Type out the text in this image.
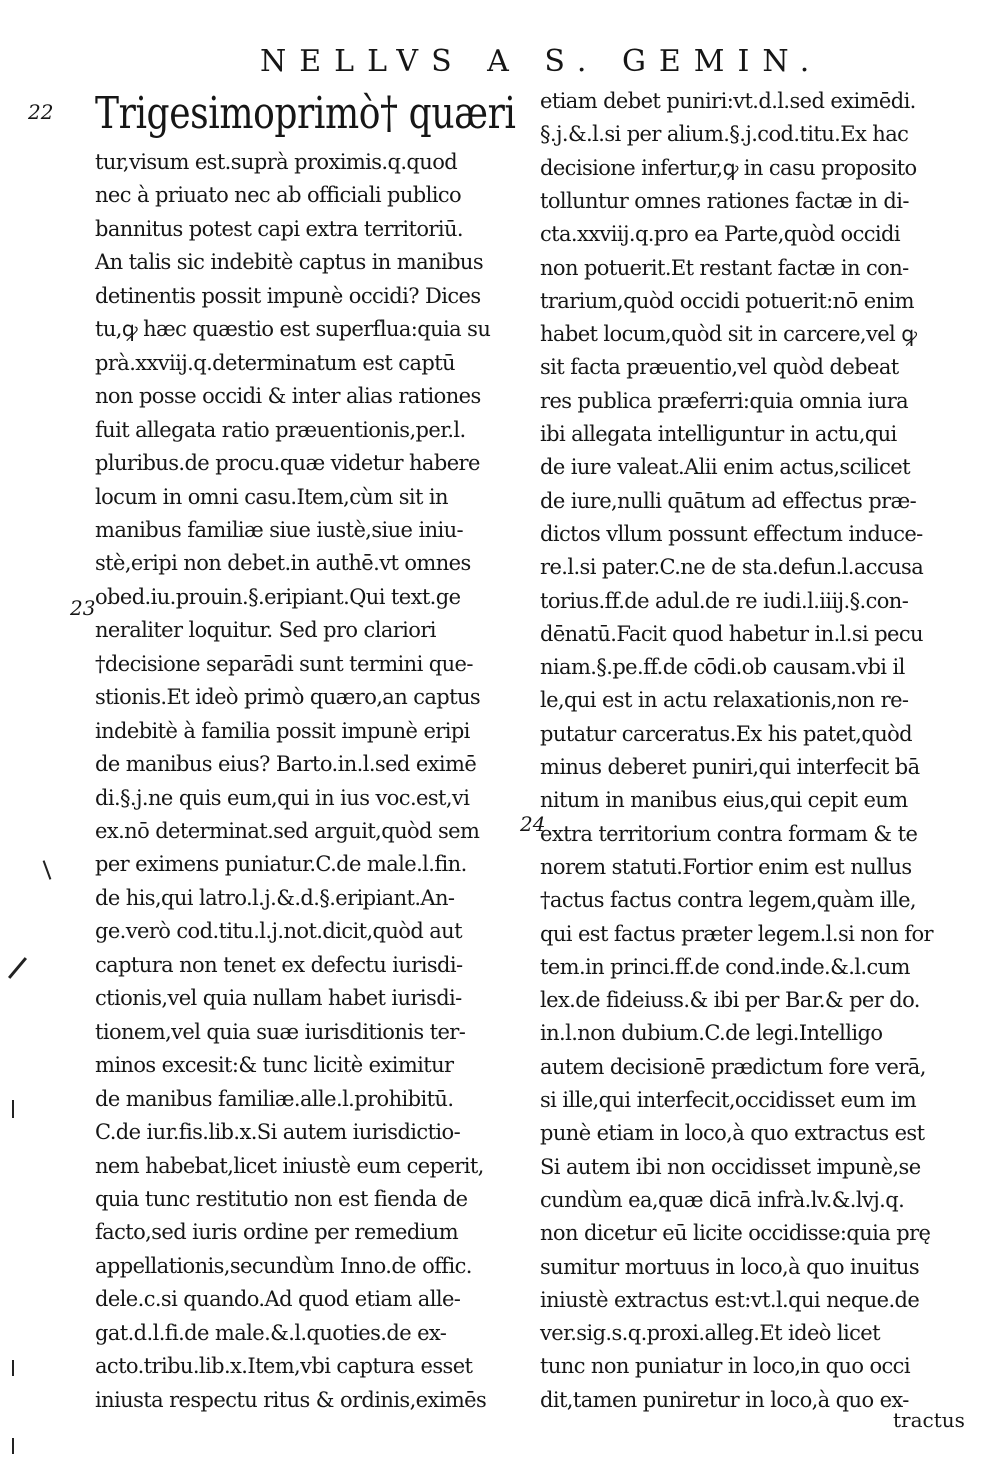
NELLVS A S. GEMIN.
22
23
24
Trigesimoprimò† quæri
tur,visum est.suprà proximis.q.quod
nec à priuato nec ab officiali publico
bannitus potest capi extra territoriū.
An talis sic indebitè captus in manibus
detinentis possit impunè occidi? Dices
tu,ꝙ hæc quæstio est superflua:quia su
prà.xxviij.q.determinatum est captū
non posse occidi & inter alias rationes
fuit allegata ratio præuentionis,per.l.
pluribus.de procu.quæ videtur habere
locum in omni casu.Item,cùm sit in
manibus familiæ siue iustè,siue iniu-
stè,eripi non debet.in authē.vt omnes
obed.iu.prouin.§.eripiant.Qui text.ge
neraliter loquitur. Sed pro clariori
†decisione separādi sunt termini que-
stionis.Et ideò primò quæro,an captus
indebitè à familia possit impunè eripi
de manibus eius? Barto.in.l.sed eximē
di.§.j.ne quis eum,qui in ius voc.est,vi
ex.nō determinat.sed arguit,quòd sem
per eximens puniatur.C.de male.l.fin.
de his,qui latro.l.j.&.d.§.eripiant.An-
ge.verò cod.titu.l.j.not.dicit,quòd aut
captura non tenet ex defectu iurisdi-
ctionis,vel quia nullam habet iurisdi-
tionem,vel quia suæ iurisditionis ter-
minos excesit:& tunc licitè eximitur
de manibus familiæ.alle.l.prohibitū.
C.de iur.fis.lib.x.Si autem iurisdictio-
nem habebat,licet iniustè eum ceperit,
quia tunc restitutio non est fienda de
facto,sed iuris ordine per remedium
appellationis,secundùm Inno.de offic.
dele.c.si quando.Ad quod etiam alle-
gat.d.l.fi.de male.&.l.quoties.de ex-
acto.tribu.lib.x.Item,vbi captura esset
iniusta respectu ritus & ordinis,eximēs
etiam debet puniri:vt.d.l.sed eximēdi.
§.j.&.l.si per alium.§.j.cod.titu.Ex hac
decisione infertur,ꝙ in casu proposito
tolluntur omnes rationes factæ in di-
cta.xxviij.q.pro ea Parte,quòd occidi
non potuerit.Et restant factæ in con-
trarium,quòd occidi potuerit:nō enim
habet locum,quòd sit in carcere,vel ꝙ
sit facta præuentio,vel quòd debeat
res publica præferri:quia omnia iura
ibi allegata intelliguntur in actu,qui
de iure valeat.Alii enim actus,scilicet
de iure,nulli quātum ad effectus præ-
dictos vllum possunt effectum induce-
re.l.si pater.C.ne de sta.defun.l.accusa
torius.ff.de adul.de re iudi.l.iiij.§.con-
dēnatū.Facit quod habetur in.l.si pecu
niam.§.pe.ff.de cōdi.ob causam.vbi il
le,qui est in actu relaxationis,non re-
putatur carceratus.Ex his patet,quòd
minus deberet puniri,qui interfecit bā
nitum in manibus eius,qui cepit eum
extra territorium contra formam & te
norem statuti.Fortior enim est nullus
†actus factus contra legem,quàm ille,
qui est factus præter legem.l.si non for
tem.in princi.ff.de cond.inde.&.l.cum
lex.de fideiuss.& ibi per Bar.& per do.
in.l.non dubium.C.de legi.Intelligo
autem decisionē prædictum fore verā,
si ille,qui interfecit,occidisset eum im
punè etiam in loco,à quo extractus est
Si autem ibi non occidisset impunè,se
cundùm ea,quæ dicā infrà.lv.&.lvj.q.
non dicetur eū licite occidisse:quia prę
sumitur mortuus in loco,à quo inuitus
iniustè extractus est:vt.l.qui neque.de
ver.sig.s.q.proxi.alleg.Et ideò licet
tunc non puniatur in loco,in quo occi
dit,tamen puniretur in loco,à quo ex-
tractus
